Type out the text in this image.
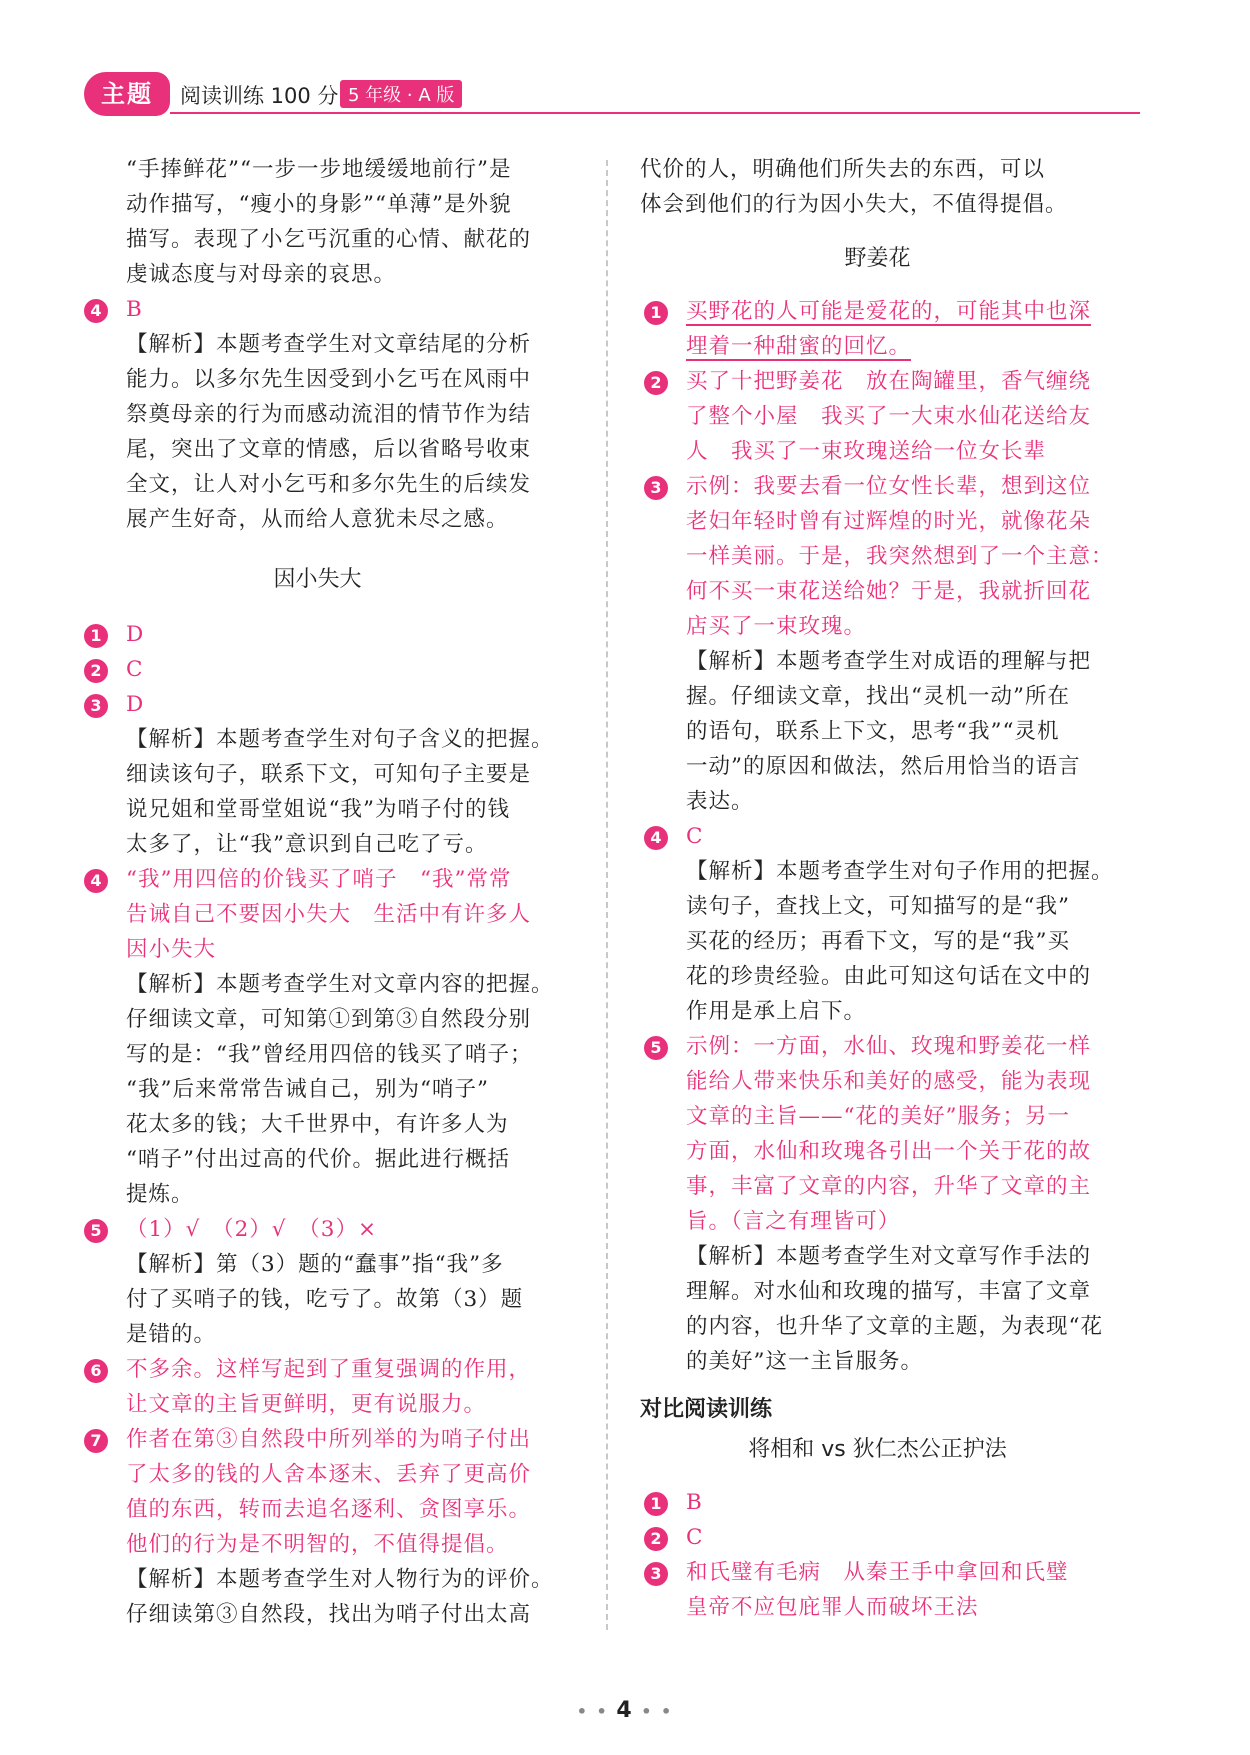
主题	阅读训练 100 分 5 年级 · A 版

“手捧鲜花”“一步一步地缓缓地前行”是

动作描写，“瘦小的身影”“单薄”是外貌

描写。表现了小乞丐沉重的心情、献花的

虔诚态度与对母亲的哀思。

4 B

【解析】本题考查学生对文章结尾的分析

能力。以多尔先生因受到小乞丐在风雨中

祭奠母亲的行为而感动流泪的情节作为结

尾，突出了文章的情感，后以省略号收束

全文，让人对小乞丐和多尔先生的后续发

展产生好奇，从而给人意犹未尽之感。

因小失大
1 D
2 C
3 D

【解析】本题考查学生对句子含义的把握。

细读该句子，联系下文，可知句子主要是

说兄姐和堂哥堂姐说“我”为哨子付的钱

太多了，让“我”意识到自己吃了亏。

4 “我”用四倍的价钱买了哨子　“我”常常

告诫自己不要因小失大　生活中有许多人

因小失大

【解析】本题考查学生对文章内容的把握。

仔细读文章，可知第①到第③自然段分别

写的是：“我”曾经用四倍的钱买了哨子；

“我”后来常常告诫自己，别为“哨子”

花太多的钱；大千世界中，有许多人为

“哨子”付出过高的代价。据此进行概括

提炼。

5 （1）√　（2）√　（3）×

【解析】第（3）题的“蠢事”指“我”多

付了买哨子的钱，吃亏了。故第（3）题

是错的。

6 不多余。这样写起到了重复强调的作用，

让文章的主旨更鲜明，更有说服力。

7 作者在第③自然段中所列举的为哨子付出

了太多的钱的人舍本逐末、丢弃了更高价

值的东西，转而去追名逐利、贪图享乐。

他们的行为是不明智的，不值得提倡。

【解析】本题考查学生对人物行为的评价。

仔细读第③自然段，找出为哨子付出太高

代价的人，明确他们所失去的东西，可以

体会到他们的行为因小失大，不值得提倡。

野姜花
1 买野花的人可能是爱花的，可能其中也深

埋着一种甜蜜的回忆。

2 买了十把野姜花　放在陶罐里，香气缠绕

了整个小屋　我买了一大束水仙花送给友

人　我买了一束玫瑰送给一位女长辈

3 示例：我要去看一位女性长辈，想到这位

老妇年轻时曾有过辉煌的时光，就像花朵

一样美丽。于是，我突然想到了一个主意：

何不买一束花送给她？于是，我就折回花

店买了一束玫瑰。

【解析】本题考查学生对成语的理解与把

握。仔细读文章，找出“灵机一动”所在

的语句，联系上下文，思考“我”“灵机

一动”的原因和做法，然后用恰当的语言

表达。

4 C

【解析】本题考查学生对句子作用的把握。

读句子，查找上文，可知描写的是“我”

买花的经历；再看下文，写的是“我”买

花的珍贵经验。由此可知这句话在文中的

作用是承上启下。

5 示例：一方面，水仙、玫瑰和野姜花一样

能给人带来快乐和美好的感受，能为表现

文章的主旨——“花的美好”服务；另一

方面，水仙和玫瑰各引出一个关于花的故

事，丰富了文章的内容，升华了文章的主

旨。（言之有理皆可）

【解析】本题考查学生对文章写作手法的

理解。对水仙和玫瑰的描写，丰富了文章

的内容，也升华了文章的主题，为表现“花

的美好”这一主旨服务。

对比阅读训练
将相和 vs 狄仁杰公正护法
1 B
2 C
3 和氏璧有毛病　从秦王手中拿回和氏璧

皇帝不应包庇罪人而破坏王法

• • 4 • •
